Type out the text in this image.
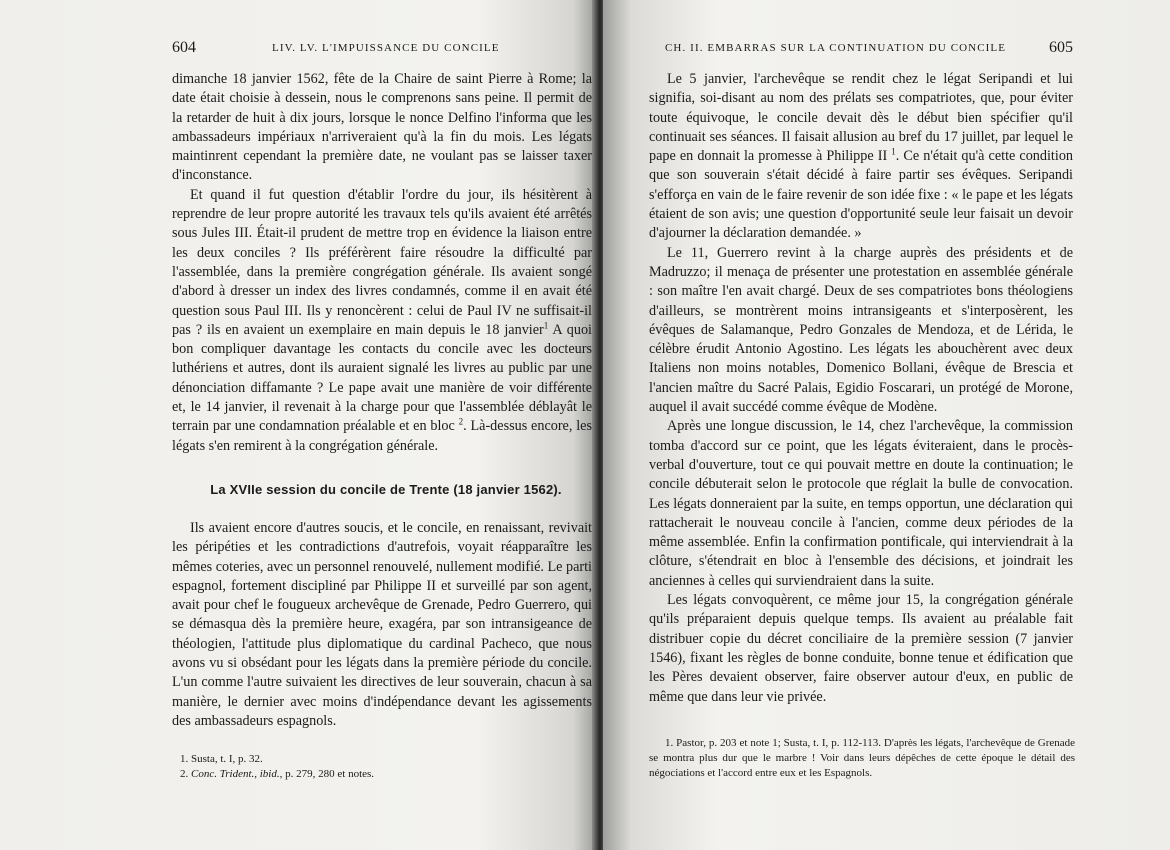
604	LIV. LV. L'IMPUISSANCE DU CONCILE

dimanche 18 janvier 1562, fête de la Chaire de saint Pierre à Rome; la date était choisie à dessein, nous le comprenons sans peine. Il permit de la retarder de huit à dix jours, lorsque le nonce Delfino l'informa que les ambassadeurs impériaux n'arriveraient qu'à la fin du mois. Les légats maintinrent cependant la première date, ne voulant pas se laisser taxer d'inconstance.

Et quand il fut question d'établir l'ordre du jour, ils hésitèrent à reprendre de leur propre autorité les travaux tels qu'ils avaient été arrêtés sous Jules III. Était-il prudent de mettre trop en évidence la liaison entre les deux conciles ? Ils préférèrent faire résoudre la difficulté par l'assemblée, dans la première congrégation générale. Ils avaient songé d'abord à dresser un index des livres condamnés, comme il en avait été question sous Paul III. Ils y renoncèrent : celui de Paul IV ne suffisait-il pas ? ils en avaient un exemplaire en main depuis le 18 janvier$^1$ A quoi bon compliquer davantage les contacts du concile avec les docteurs luthériens et autres, dont ils auraient signalé les livres au public par une dénonciation diffamante ? Le pape avait une manière de voir différente et, le 14 janvier, il revenait à la charge pour que l'assemblée déblayât le terrain par une condamnation préalable et en bloc $^2$. Là-dessus encore, les légats s'en remirent à la congrégation générale.

La XVIIe session du concile de Trente (18 janvier 1562).

Ils avaient encore d'autres soucis, et le concile, en renaissant, revivait les péripéties et les contradictions d'autrefois, voyait réapparaître les mêmes coteries, avec un personnel renouvelé, nullement modifié. Le parti espagnol, fortement discipliné par Philippe II et surveillé par son agent, avait pour chef le fougueux archevêque de Grenade, Pedro Guerrero, qui se démasqua dès la première heure, exagéra, par son intransigeance de théologien, l'attitude plus diplomatique du cardinal Pacheco, que nous avons vu si obsédant pour les légats dans la première période du concile. L'un comme l'autre suivaient les directives de leur souverain, chacun à sa manière, le dernier avec moins d'indépendance devant les agissements des ambassadeurs espagnols.

1. Susta, t. I, p. 32.

2. Conc. Trident., ibid., p. 279, 280 et notes.

CH. II. EMBARRAS SUR LA CONTINUATION DU CONCILE	605

Le 5 janvier, l'archevêque se rendit chez le légat Seripandi et lui signifia, soi-disant au nom des prélats ses compatriotes, que, pour éviter toute équivoque, le concile devait dès le début bien spécifier qu'il continuait ses séances. Il faisait allusion au bref du 17 juillet, par lequel le pape en donnait la promesse à Philippe II $^1$. Ce n'était qu'à cette condition que son souverain s'était décidé à faire partir ses évêques. Seripandi s'efforça en vain de le faire revenir de son idée fixe : « le pape et les légats étaient de son avis; une question d'opportunité seule leur faisait un devoir d'ajourner la déclaration demandée. »

Le 11, Guerrero revint à la charge auprès des présidents et de Madruzzo; il menaça de présenter une protestation en assemblée générale : son maître l'en avait chargé. Deux de ses compatriotes bons théologiens d'ailleurs, se montrèrent moins intransigeants et s'interposèrent, les évêques de Salamanque, Pedro Gonzales de Mendoza, et de Lérida, le célèbre érudit Antonio Agostino. Les légats les abouchèrent avec deux Italiens non moins notables, Domenico Bollani, évêque de Brescia et l'ancien maître du Sacré Palais, Egidio Foscarari, un protégé de Morone, auquel il avait succédé comme évêque de Modène.

Après une longue discussion, le 14, chez l'archevêque, la commission tomba d'accord sur ce point, que les légats éviteraient, dans le procès-verbal d'ouverture, tout ce qui pouvait mettre en doute la continuation; le concile débuterait selon le protocole que réglait la bulle de convocation. Les légats donneraient par la suite, en temps opportun, une déclaration qui rattacherait le nouveau concile à l'ancien, comme deux périodes de la même assemblée. Enfin la confirmation pontificale, qui interviendrait à la clôture, s'étendrait en bloc à l'ensemble des décisions, et joindrait les anciennes à celles qui surviendraient dans la suite.

Les légats convoquèrent, ce même jour 15, la congrégation générale qu'ils préparaient depuis quelque temps. Ils avaient au préalable fait distribuer copie du décret conciliaire de la première session (7 janvier 1546), fixant les règles de bonne conduite, bonne tenue et édification que les Pères devaient observer, faire observer autour d'eux, en public de même que dans leur vie privée.

1. Pastor, p. 203 et note 1; Susta, t. I, p. 112-113. D'après les légats, l'archevêque de Grenade se montra plus dur que le marbre ! Voir dans leurs dépêches de cette époque le détail des négociations et l'accord entre eux et les Espagnols.
